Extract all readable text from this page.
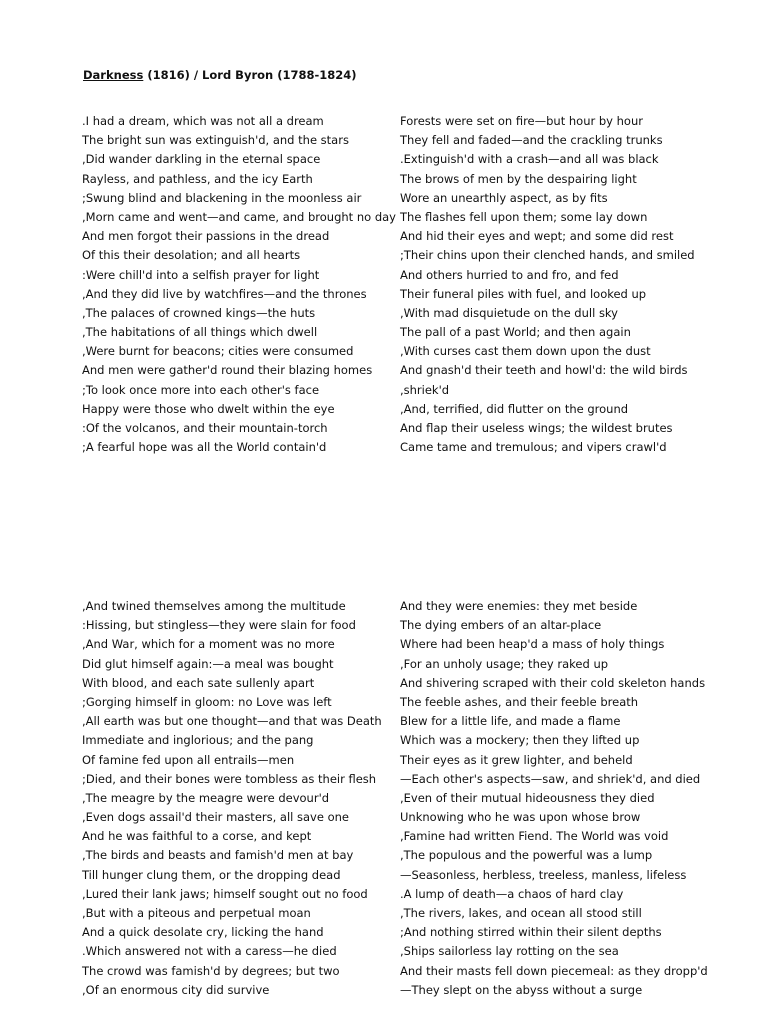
Darkness (1816) / Lord Byron (1788-1824)
.I had a dream, which was not all a dream
The bright sun was extinguish'd, and the stars
,Did wander darkling in the eternal space
Rayless, and pathless, and the icy Earth
;Swung blind and blackening in the moonless air
,Morn came and went—and came, and brought no day
And men forgot their passions in the dread
Of this their desolation; and all hearts
:Were chill'd into a selfish prayer for light
,And they did live by watchfires—and the thrones
,The palaces of crowned kings—the huts
,The habitations of all things which dwell
,Were burnt for beacons; cities were consumed
And men were gather'd round their blazing homes
;To look once more into each other's face
Happy were those who dwelt within the eye
:Of the volcanos, and their mountain-torch
;A fearful hope was all the World contain'd
Forests were set on fire—but hour by hour
They fell and faded—and the crackling trunks
.Extinguish'd with a crash—and all was black
The brows of men by the despairing light
Wore an unearthly aspect, as by fits
The flashes fell upon them; some lay down
And hid their eyes and wept; and some did rest
;Their chins upon their clenched hands, and smiled
And others hurried to and fro, and fed
Their funeral piles with fuel, and looked up
,With mad disquietude on the dull sky
The pall of a past World; and then again
,With curses cast them down upon the dust
And gnash'd their teeth and howl'd: the wild birds
,shriek'd
,And, terrified, did flutter on the ground
And flap their useless wings; the wildest brutes
Came tame and tremulous; and vipers crawl'd
,And twined themselves among the multitude
:Hissing, but stingless—they were slain for food
,And War, which for a moment was no more
Did glut himself again:—a meal was bought
With blood, and each sate sullenly apart
;Gorging himself in gloom: no Love was left
,All earth was but one thought—and that was Death
Immediate and inglorious; and the pang
Of famine fed upon all entrails—men
;Died, and their bones were tombless as their flesh
,The meagre by the meagre were devour'd
,Even dogs assail'd their masters, all save one
And he was faithful to a corse, and kept
,The birds and beasts and famish'd men at bay
Till hunger clung them, or the dropping dead
,Lured their lank jaws; himself sought out no food
,But with a piteous and perpetual moan
And a quick desolate cry, licking the hand
.Which answered not with a caress—he died
The crowd was famish'd by degrees; but two
,Of an enormous city did survive
And they were enemies: they met beside
The dying embers of an altar-place
Where had been heap'd a mass of holy things
,For an unholy usage; they raked up
And shivering scraped with their cold skeleton hands
The feeble ashes, and their feeble breath
Blew for a little life, and made a flame
Which was a mockery; then they lifted up
Their eyes as it grew lighter, and beheld
—Each other's aspects—saw, and shriek'd, and died
,Even of their mutual hideousness they died
Unknowing who he was upon whose brow
,Famine had written Fiend. The World was void
,The populous and the powerful was a lump
—Seasonless, herbless, treeless, manless, lifeless
.A lump of death—a chaos of hard clay
,The rivers, lakes, and ocean all stood still
;And nothing stirred within their silent depths
,Ships sailorless lay rotting on the sea
And their masts fell down piecemeal: as they dropp'd
—They slept on the abyss without a surge
